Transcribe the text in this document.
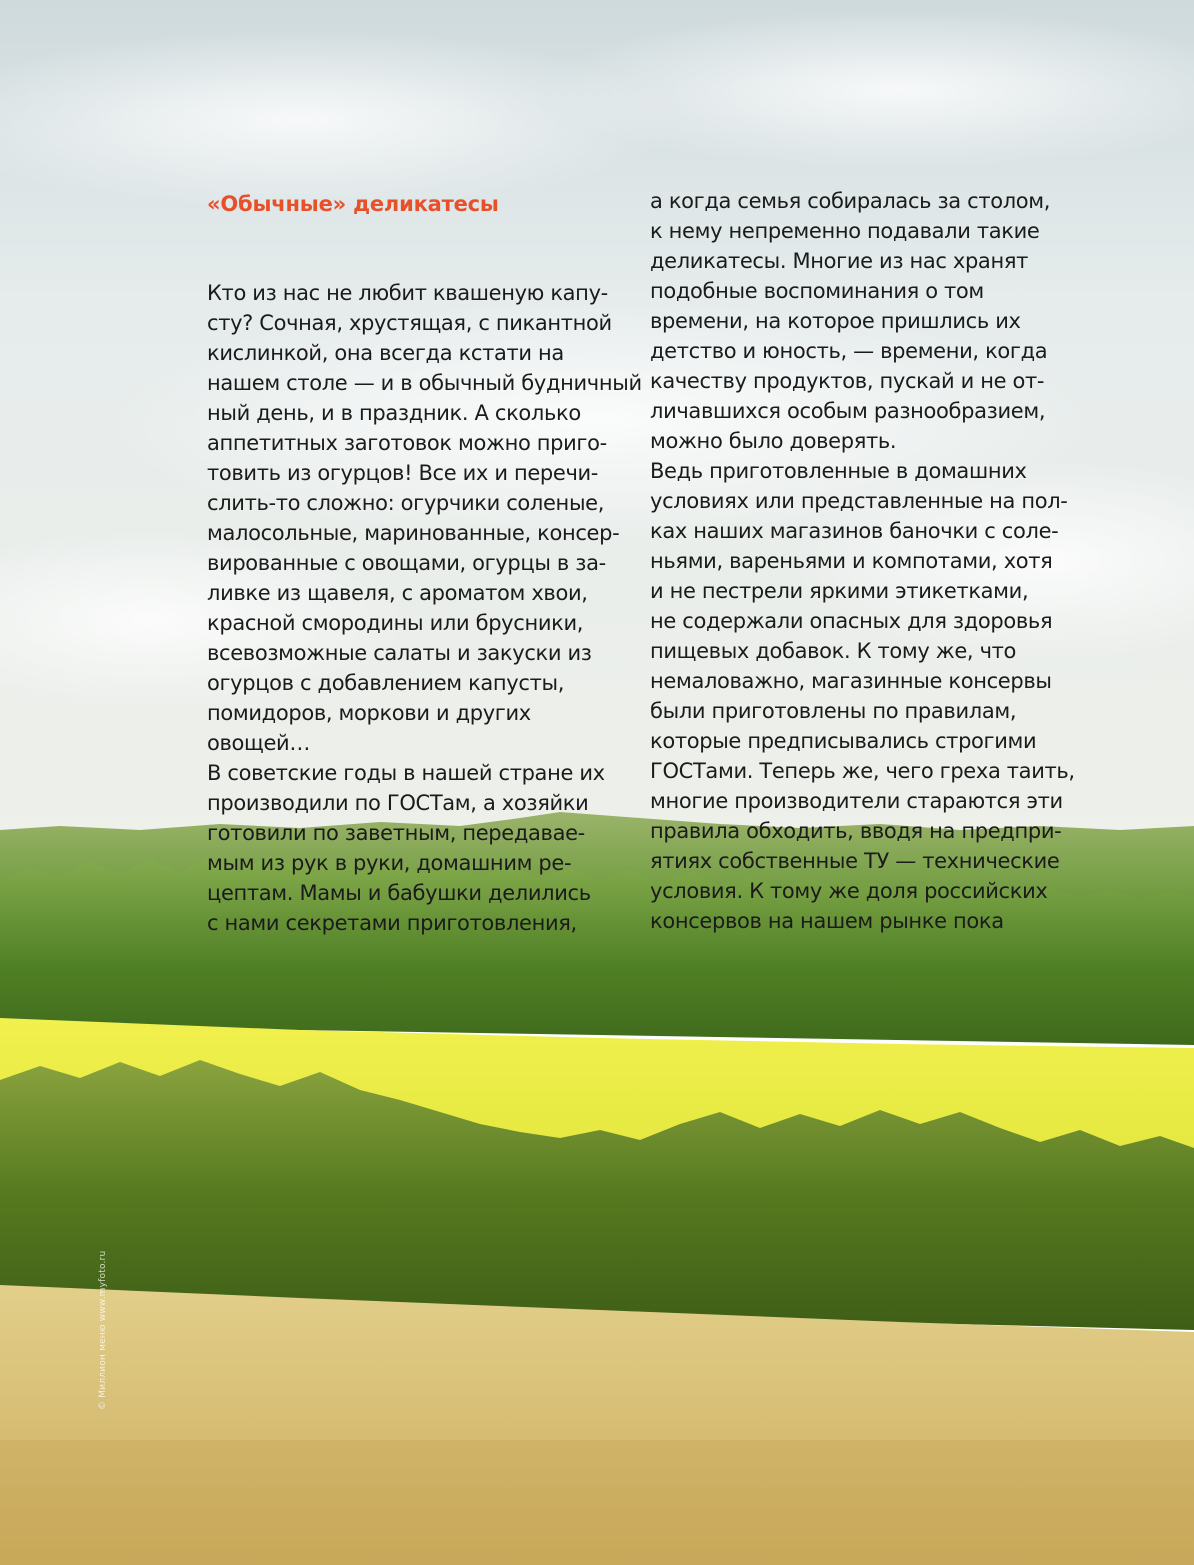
«Обычные» деликатесы
Кто из нас не любит квашеную капу-
сту? Сочная, хрустящая, с пикантной
кислинкой, она всегда кстати на
нашем столе — и в обычный будничный
ный день, и в праздник. А сколько
аппетитных заготовок можно приго-
товить из огурцов! Все их и перечи-
слить-то сложно: огурчики соленые,
малосольные, маринованные, консер-
вированные с овощами, огурцы в за-
ливке из щавеля, с ароматом хвои,
красной смородины или брусники,
всевозможные салаты и закуски из
огурцов с добавлением капусты,
помидоров, моркови и других
овощей…
В советские годы в нашей стране их
производили по ГОСТам, а хозяйки
готовили по заветным, передавае-
мым из рук в руки, домашним ре-
цептам. Мамы и бабушки делились
с нами секретами приготовления,
а когда семья собиралась за столом,
к нему непременно подавали такие
деликатесы. Многие из нас хранят
подобные воспоминания о том
времени, на которое пришлись их
детство и юность, — времени, когда
качеству продуктов, пускай и не от-
личавшихся особым разнообразием,
можно было доверять.
Ведь приготовленные в домашних
условиях или представленные на пол-
ках наших магазинов баночки с соле-
ньями, вареньями и компотами, хотя
и не пестрели яркими этикетками,
не содержали опасных для здоровья
пищевых добавок. К тому же, что
немаловажно, магазинные консервы
были приготовлены по правилам,
которые предписывались строгими
ГОСТами. Теперь же, чего греха таить,
многие производители стараются эти
правила обходить, вводя на предпри-
ятиях собственные ТУ — технические
условия. К тому же доля российских
консервов на нашем рынке пока
© Миллион меню www.myfoto.ru
